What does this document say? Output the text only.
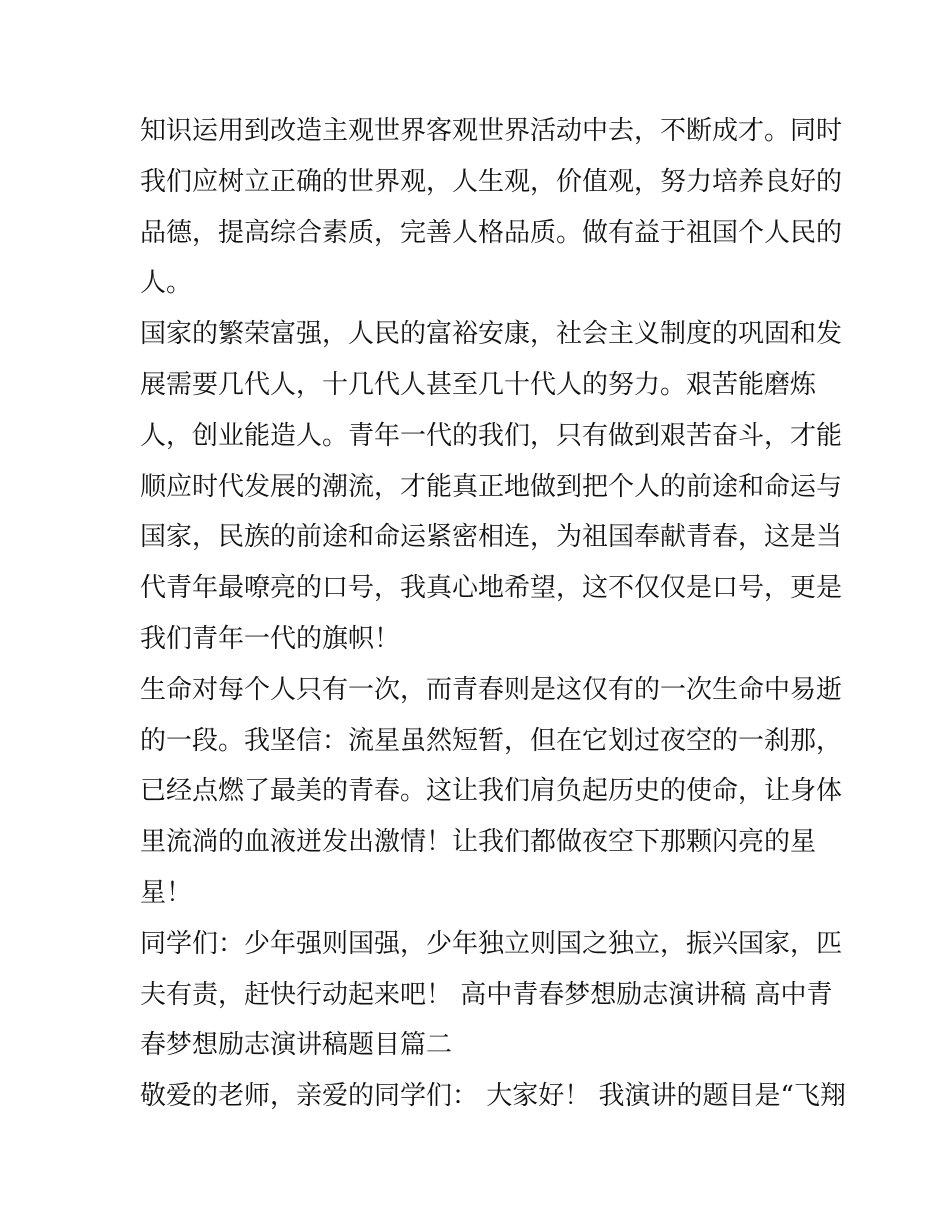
知识运用到改造主观世界客观世界活动中去，不断成才。同时
我们应树立正确的世界观，人生观，价值观，努力培养良好的
品德，提高综合素质，完善人格品质。做有益于祖国个人民的
人。
国家的繁荣富强，人民的富裕安康，社会主义制度的巩固和发
展需要几代人，十几代人甚至几十代人的努力。艰苦能磨炼
人，创业能造人。青年一代的我们，只有做到艰苦奋斗，才能
顺应时代发展的潮流，才能真正地做到把个人的前途和命运与
国家，民族的前途和命运紧密相连，为祖国奉献青春，这是当
代青年最嘹亮的口号，我真心地希望，这不仅仅是口号，更是
我们青年一代的旗帜！
生命对每个人只有一次，而青春则是这仅有的一次生命中易逝
的一段。我坚信：流星虽然短暂，但在它划过夜空的一刹那，
已经点燃了最美的青春。这让我们肩负起历史的使命，让身体
里流淌的血液迸发出激情！让我们都做夜空下那颗闪亮的星
星！
同学们：少年强则国强，少年独立则国之独立，振兴国家，匹
夫有责，赶快行动起来吧！ 高中青春梦想励志演讲稿 高中青
春梦想励志演讲稿题目篇二
敬爱的老师，亲爱的同学们： 大家好！ 我演讲的题目是“飞翔
